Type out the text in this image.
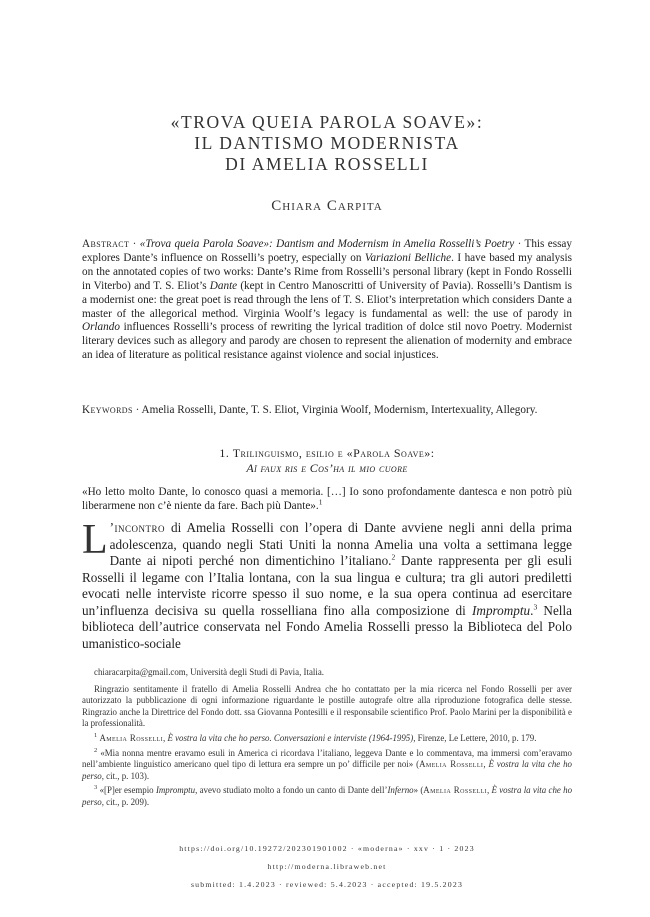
«TROVA QUEIA PAROLA SOAVE»:
IL DANTISMO MODERNISTA
DI AMELIA ROSSELLI
Chiara Carpita
Abstract · «Trova queia Parola Soave»: Dantism and Modernism in Amelia Rosselli’s Poetry · This essay explores Dante’s influence on Rosselli’s poetry, especially on Variazioni Belliche. I have based my analysis on the annotated copies of two works: Dante’s Rime from Rosselli’s personal library (kept in Fondo Rosselli in Viterbo) and T. S. Eliot’s Dante (kept in Centro Manoscritti of University of Pavia). Rosselli’s Dantism is a modernist one: the great poet is read through the lens of T. S. Eliot’s interpretation which considers Dante a master of the allegorical method. Virginia Woolf’s legacy is fundamental as well: the use of parody in Orlando influences Rosselli’s process of rewriting the lyrical tradition of dolce stil novo Poetry. Modernist literary devices such as allegory and parody are chosen to represent the alienation of modernity and embrace an idea of literature as political resistance against violence and social injustices.
Keywords · Amelia Rosselli, Dante, T. S. Eliot, Virginia Woolf, Modernism, Intertexuality, Allegory.
1. Trilinguismo, esilio e «Parola Soave»:
Aï faux ris e Cos’ha il mio cuore
«Ho letto molto Dante, lo conosco quasi a memoria. […] Io sono profondamente dantesca e non potrò più liberarmene non c’è niente da fare. Bach più Dante».$^1$
L ’incontro di Amelia Rosselli con l’opera di Dante avviene negli anni della prima adolescenza, quando negli Stati Uniti la nonna Amelia una volta a settimana legge Dante ai nipoti perché non dimentichino l’italiano.$^2$ Dante rappresenta per gli esuli Rosselli il legame con l’Italia lontana, con la sua lingua e cultura; tra gli autori prediletti evocati nelle interviste ricorre spesso il suo nome, e la sua opera continua ad esercitare un’influenza decisiva su quella rosselliana fino alla composizione di Impromptu.$^3$ Nella biblioteca dell’autrice conservata nel Fondo Amelia Rosselli presso la Biblioteca del Polo umanistico-sociale

chiaracarpita@gmail.com, Università degli Studi di Pavia, Italia.

Ringrazio sentitamente il fratello di Amelia Rosselli Andrea che ho contattato per la mia ricerca nel Fondo Rosselli per aver autorizzato la pubblicazione di ogni informazione riguardante le postille autografe oltre alla riproduzione fotografica delle stesse. Ringrazio anche la Direttrice del Fondo dott. ssa Giovanna Pontesilli e il responsabile scientifico Prof. Paolo Marini per la disponibilità e la professionalità.

$^1$ Amelia Rosselli, È vostra la vita che ho perso. Conversazioni e interviste (1964-1995), Firenze, Le Lettere, 2010, p. 179.

$^2$ «Mia nonna mentre eravamo esuli in America ci ricordava l’italiano, leggeva Dante e lo commentava, ma immersi com’eravamo nell’ambiente linguistico americano quel tipo di lettura era sempre un po’ difficile per noi» (Amelia Rosselli, È vostra la vita che ho perso, cit., p. 103).

$^3$ «[P]er esempio Impromptu, avevo studiato molto a fondo un canto di Dante dell’Inferno» (Amelia Rosselli, È vostra la vita che ho perso, cit., p. 209).

https://doi.org/10.19272/202301901002 · «moderna» · xxv · 1 · 2023
http://moderna.libraweb.net
submitted: 1.4.2023 · reviewed: 5.4.2023 · accepted: 19.5.2023
